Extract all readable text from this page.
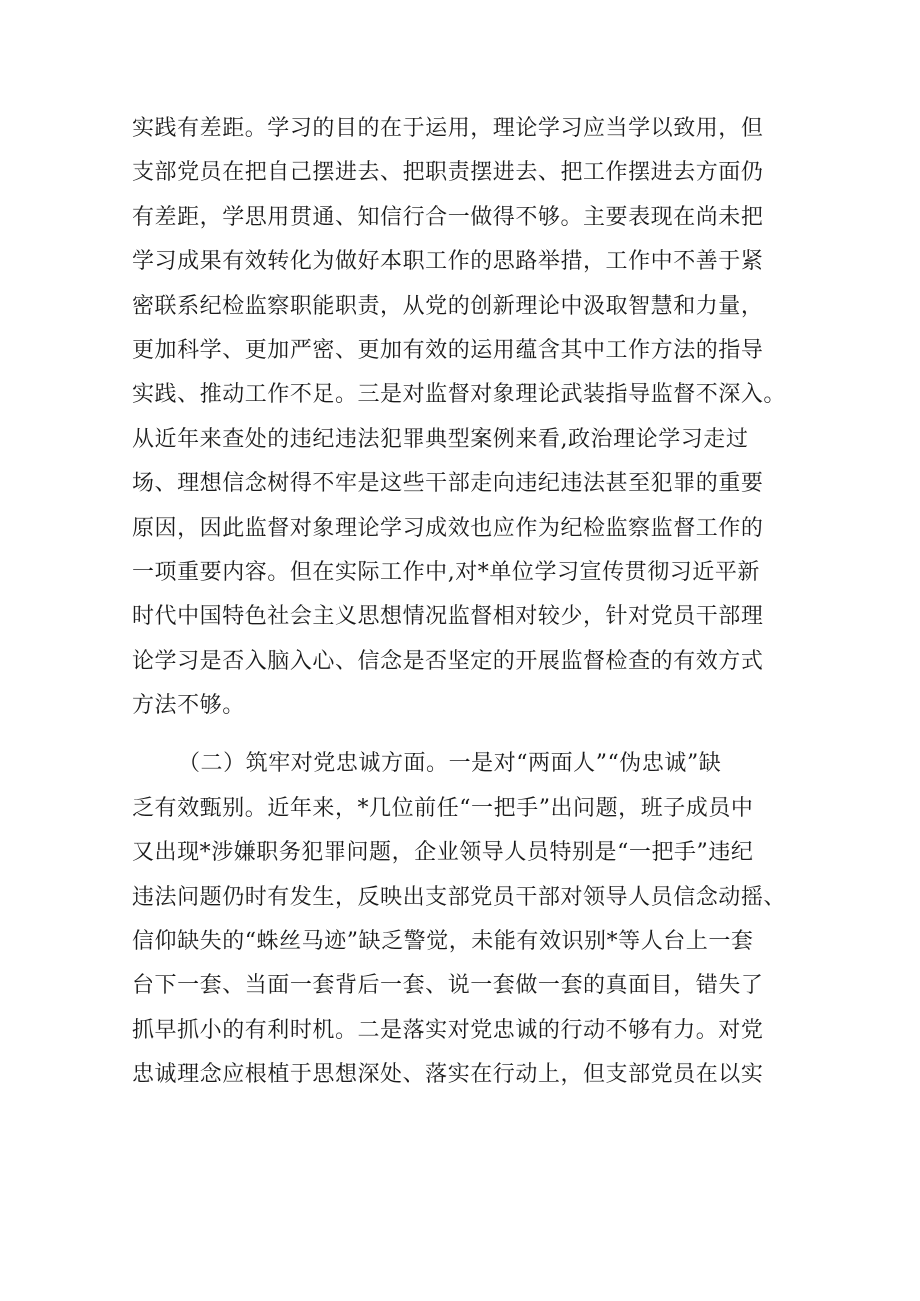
实践有差距。学习的目的在于运用，理论学习应当学以致用，但
支部党员在把自己摆进去、把职责摆进去、把工作摆进去方面仍
有差距，学思用贯通、知信行合一做得不够。主要表现在尚未把
学习成果有效转化为做好本职工作的思路举措，工作中不善于紧
密联系纪检监察职能职责，从党的创新理论中汲取智慧和力量，
更加科学、更加严密、更加有效的运用蕴含其中工作方法的指导
实践、推动工作不足。三是对监督对象理论武装指导监督不深入。
从近年来查处的违纪违法犯罪典型案例来看,政治理论学习走过
场、理想信念树得不牢是这些干部走向违纪违法甚至犯罪的重要
原因，因此监督对象理论学习成效也应作为纪检监察监督工作的
一项重要内容。但在实际工作中,对*单位学习宣传贯彻习近平新
时代中国特色社会主义思想情况监督相对较少，针对党员干部理
论学习是否入脑入心、信念是否坚定的开展监督检查的有效方式
方法不够。
（二）筑牢对党忠诚方面。一是对“两面人”“伪忠诚”缺
乏有效甄别。近年来，*几位前任“一把手”出问题，班子成员中
又出现*涉嫌职务犯罪问题，企业领导人员特别是“一把手”违纪
违法问题仍时有发生，反映出支部党员干部对领导人员信念动摇、
信仰缺失的“蛛丝马迹”缺乏警觉，未能有效识别*等人台上一套
台下一套、当面一套背后一套、说一套做一套的真面目，错失了
抓早抓小的有利时机。二是落实对党忠诚的行动不够有力。对党
忠诚理念应根植于思想深处、落实在行动上，但支部党员在以实
